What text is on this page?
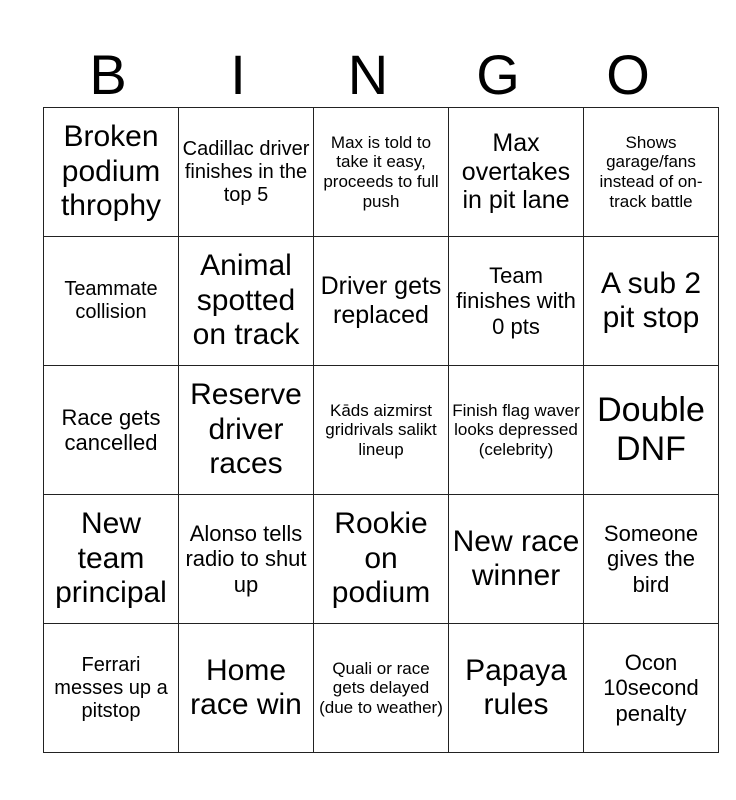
B	I	N	G	O
Broken podium throphy	Cadillac driver finishes in the top 5	Max is told to take it easy, proceeds to full push	Max overtakes in pit lane	Shows garage/fans instead of on-track battle
Teammate collision	Animal spotted on track	Driver gets replaced	Team finishes with 0 pts	A sub 2 pit stop
Race gets cancelled	Reserve driver races	Kāds aizmirst gridrivals salikt lineup	Finish flag waver looks depressed (celebrity)	Double DNF
New team principal	Alonso tells radio to shut up	Rookie on podium	New race winner	Someone gives the bird
Ferrari messes up a pitstop	Home race win	Quali or race gets delayed (due to weather)	Papaya rules	Ocon 10second penalty
